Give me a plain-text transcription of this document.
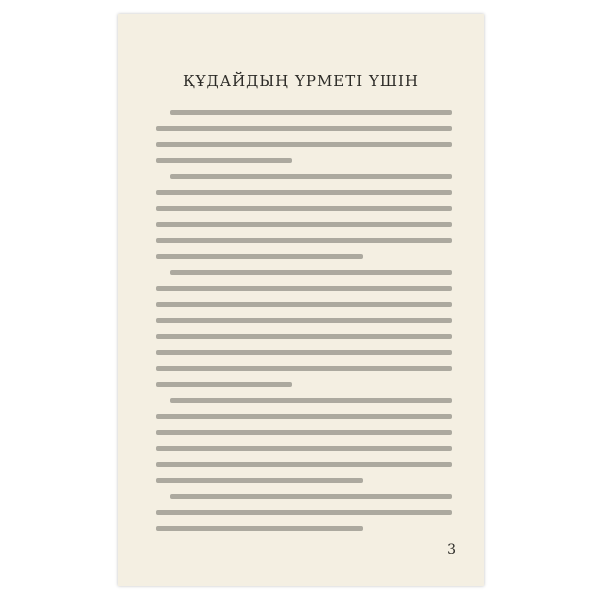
ҚҰДАЙДЫҢ ҮРМЕТІ ҮШІН
3
